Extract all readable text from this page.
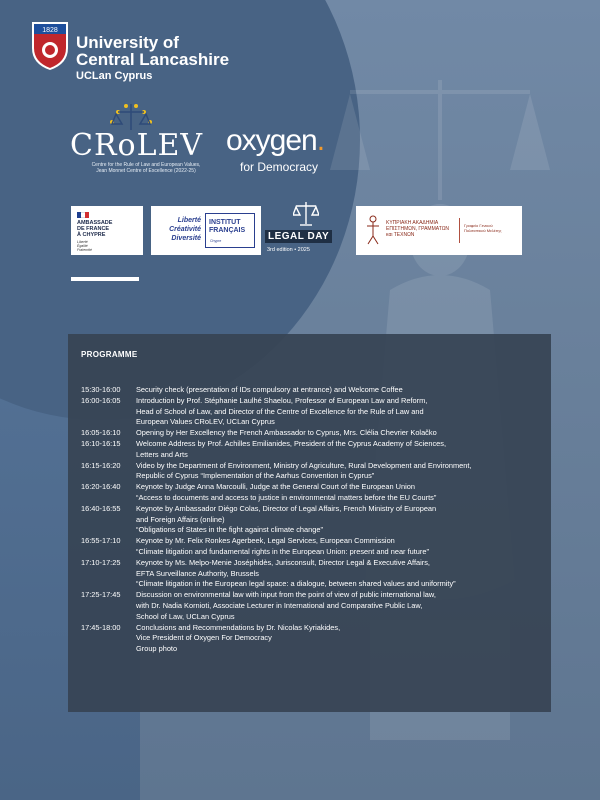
1828
University of
Central Lancashire
UCLan Cyprus
CRoLEV
Centre for the Rule of Law and European Values,
Jean Monnet Centre of Excellence (2022-25)
oxygen.
for Democracy
AMBASSADE
DE FRANCE
À CHYPRE
Liberté
Égalité
Fraternité
Liberté
Créativité
Diversité
INSTITUT
FRANÇAIS
Chypre	LEGAL DAY
3rd edition • 2025
ΚΥΠΡΙΑΚΗ ΑΚΑΔΗΜΙΑ
ΕΠΙΣΤΗΜΩΝ, ΓΡΑΜΜΑΤΩΝ
και ΤΕΧΝΩΝ
Γραφείο Γενικού
Πολιτιστικού Μελέτης
PROGRAMME
15:30-16:00	Security check (presentation of IDs compulsory at entrance) and Welcome Coffee
16:00-16:05	Introduction by Prof. Stéphanie Laulhé Shaelou, Professor of European Law and Reform,
Head of School of Law, and Director of the Centre of Excellence for the Rule of Law and
European Values CRoLEV, UCLan Cyprus
16:05-16:10	Opening by Her Excellency the French Ambassador to Cyprus, Mrs. Clélia Chevrier Kolačko
16:10-16:15	Welcome Address by Prof. Achilles Emilianides, President of the Cyprus Academy of Sciences,
Letters and Arts
16:15-16:20	Video by the Department of Environment, Ministry of Agriculture, Rural Development and Environment,
Republic of Cyprus “Implementation of the Aarhus Convention in Cyprus”
16:20-16:40	Keynote by Judge Anna Marcoulli, Judge at the General Court of the European Union
“Access to documents and access to justice in environmental matters before the EU Courts”
16:40-16:55	Keynote by Ambassador Diégo Colas, Director of Legal Affairs, French Ministry of European
and Foreign Affairs (online)
“Obligations of States in the fight against climate change”
16:55-17:10	Keynote by Mr. Felix Ronkes Agerbeek, Legal Services, European Commission
“Climate litigation and fundamental rights in the European Union: present and near future”
17:10-17:25	Keynote by Ms. Melpo-Menie Joséphidès, Jurisconsult, Director Legal & Executive Affairs,
EFTA Surveillance Authority, Brussels
“Climate litigation in the European legal space: a dialogue, between shared values and uniformity”
17:25-17:45	Discussion on environmental law with input from the point of view of public international law,
with Dr. Nadia Kornioti, Associate Lecturer in International and Comparative Public Law,
School of Law, UCLan Cyprus
17:45-18:00	Conclusions and Recommendations by Dr. Nicolas Kyriakides,
Vice President of Oxygen For Democracy
Group photo
